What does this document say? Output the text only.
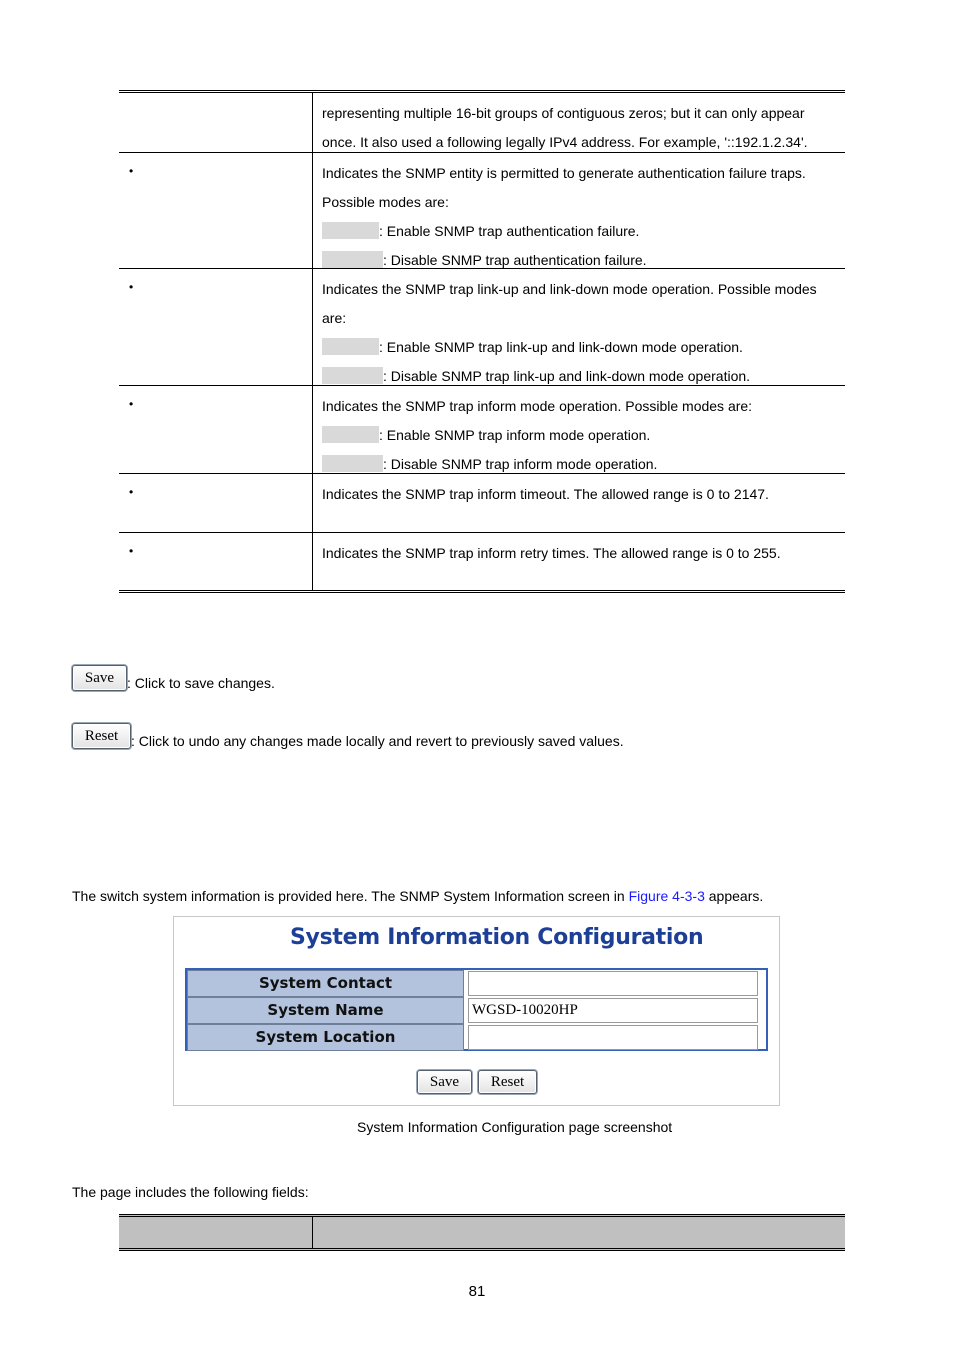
representing multiple 16-bit groups of contiguous zeros; but it can only appear

once. It also used a following legally IPv4 address. For example, '::192.1.2.34'.

•	Indicates the SNMP entity is permitted to generate authentication failure traps.

Possible modes are:

: Enable SNMP trap authentication failure.

: Disable SNMP trap authentication failure.

•	Indicates the SNMP trap link-up and link-down mode operation. Possible modes

are:

: Enable SNMP trap link-up and link-down mode operation.

: Disable SNMP trap link-up and link-down mode operation.

•	Indicates the SNMP trap inform mode operation. Possible modes are:

: Enable SNMP trap inform mode operation.

: Disable SNMP trap inform mode operation.

•	Indicates the SNMP trap inform timeout. The allowed range is 0 to 2147.

•	Indicates the SNMP trap inform retry times. The allowed range is 0 to 255.

Save : Click to save changes.
Reset : Click to undo any changes made locally and revert to previously saved values.
The switch system information is provided here. The SNMP System Information screen in Figure 4-3-3 appears.
System Information Configuration
System Contact
System Name	WGSD-10020HP
System Location
Save	Reset
System Information Configuration page screenshot
The page includes the following fields:
81
